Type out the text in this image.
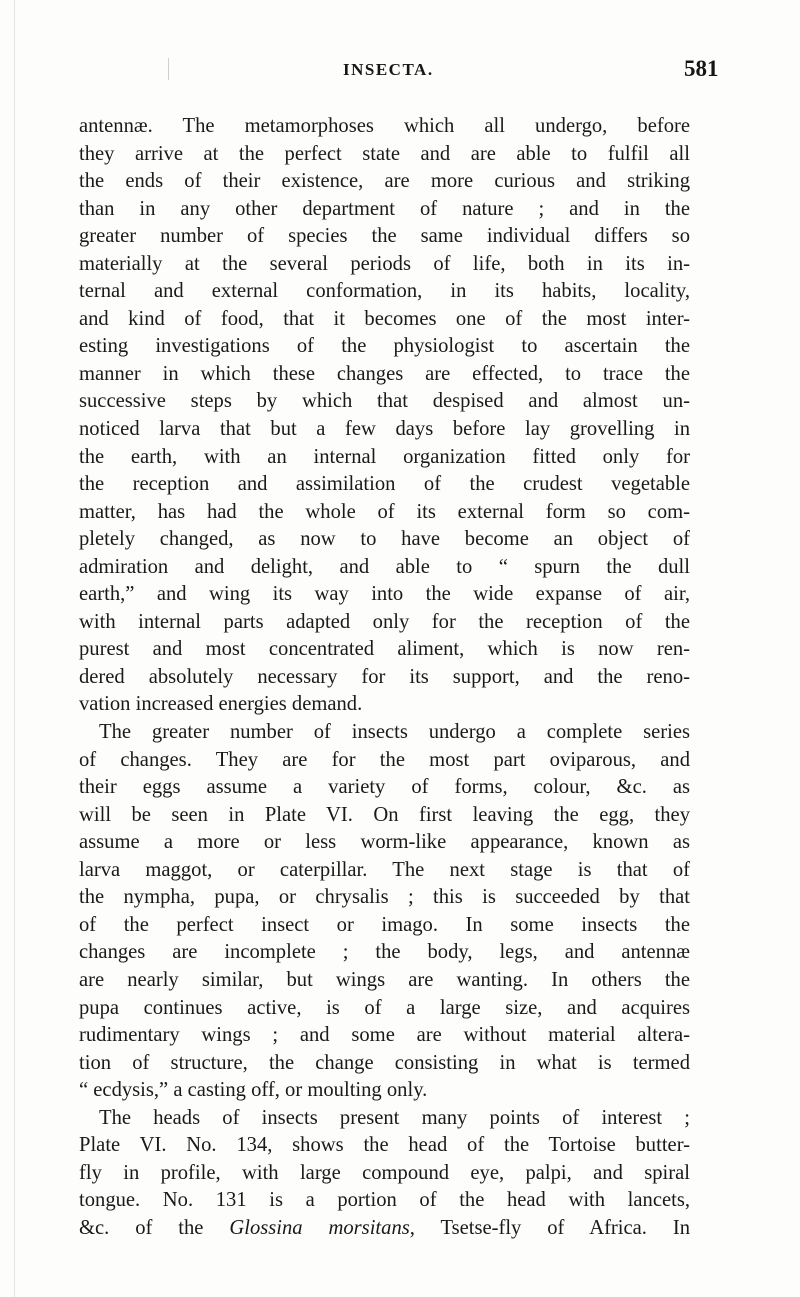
INSECTA.	581
antennæ. The metamorphoses which all undergo, before
they arrive at the perfect state and are able to fulfil all
the ends of their existence, are more curious and striking
than in any other department of nature ; and in the
greater number of species the same individual differs so
materially at the several periods of life, both in its in-
ternal and external conformation, in its habits, locality,
and kind of food, that it becomes one of the most inter-
esting investigations of the physiologist to ascertain the
manner in which these changes are effected, to trace the
successive steps by which that despised and almost un-
noticed larva that but a few days before lay grovelling in
the earth, with an internal organization fitted only for
the reception and assimilation of the crudest vegetable
matter, has had the whole of its external form so com-
pletely changed, as now to have become an object of
admiration and delight, and able to “ spurn the dull
earth,” and wing its way into the wide expanse of air,
with internal parts adapted only for the reception of the
purest and most concentrated aliment, which is now ren-
dered absolutely necessary for its support, and the reno-
vation increased energies demand.
The greater number of insects undergo a complete series
of changes. They are for the most part oviparous, and
their eggs assume a variety of forms, colour, &c. as
will be seen in Plate VI. On first leaving the egg, they
assume a more or less worm-like appearance, known as
larva maggot, or caterpillar. The next stage is that of
the nympha, pupa, or chrysalis ; this is succeeded by that
of the perfect insect or imago. In some insects the
changes are incomplete ; the body, legs, and antennæ
are nearly similar, but wings are wanting. In others the
pupa continues active, is of a large size, and acquires
rudimentary wings ; and some are without material altera-
tion of structure, the change consisting in what is termed
“ ecdysis,” a casting off, or moulting only.
The heads of insects present many points of interest ;
Plate VI. No. 134, shows the head of the Tortoise butter-
fly in profile, with large compound eye, palpi, and spiral
tongue. No. 131 is a portion of the head with lancets,
&c. of the Glossina morsitans, Tsetse-fly of Africa. In
